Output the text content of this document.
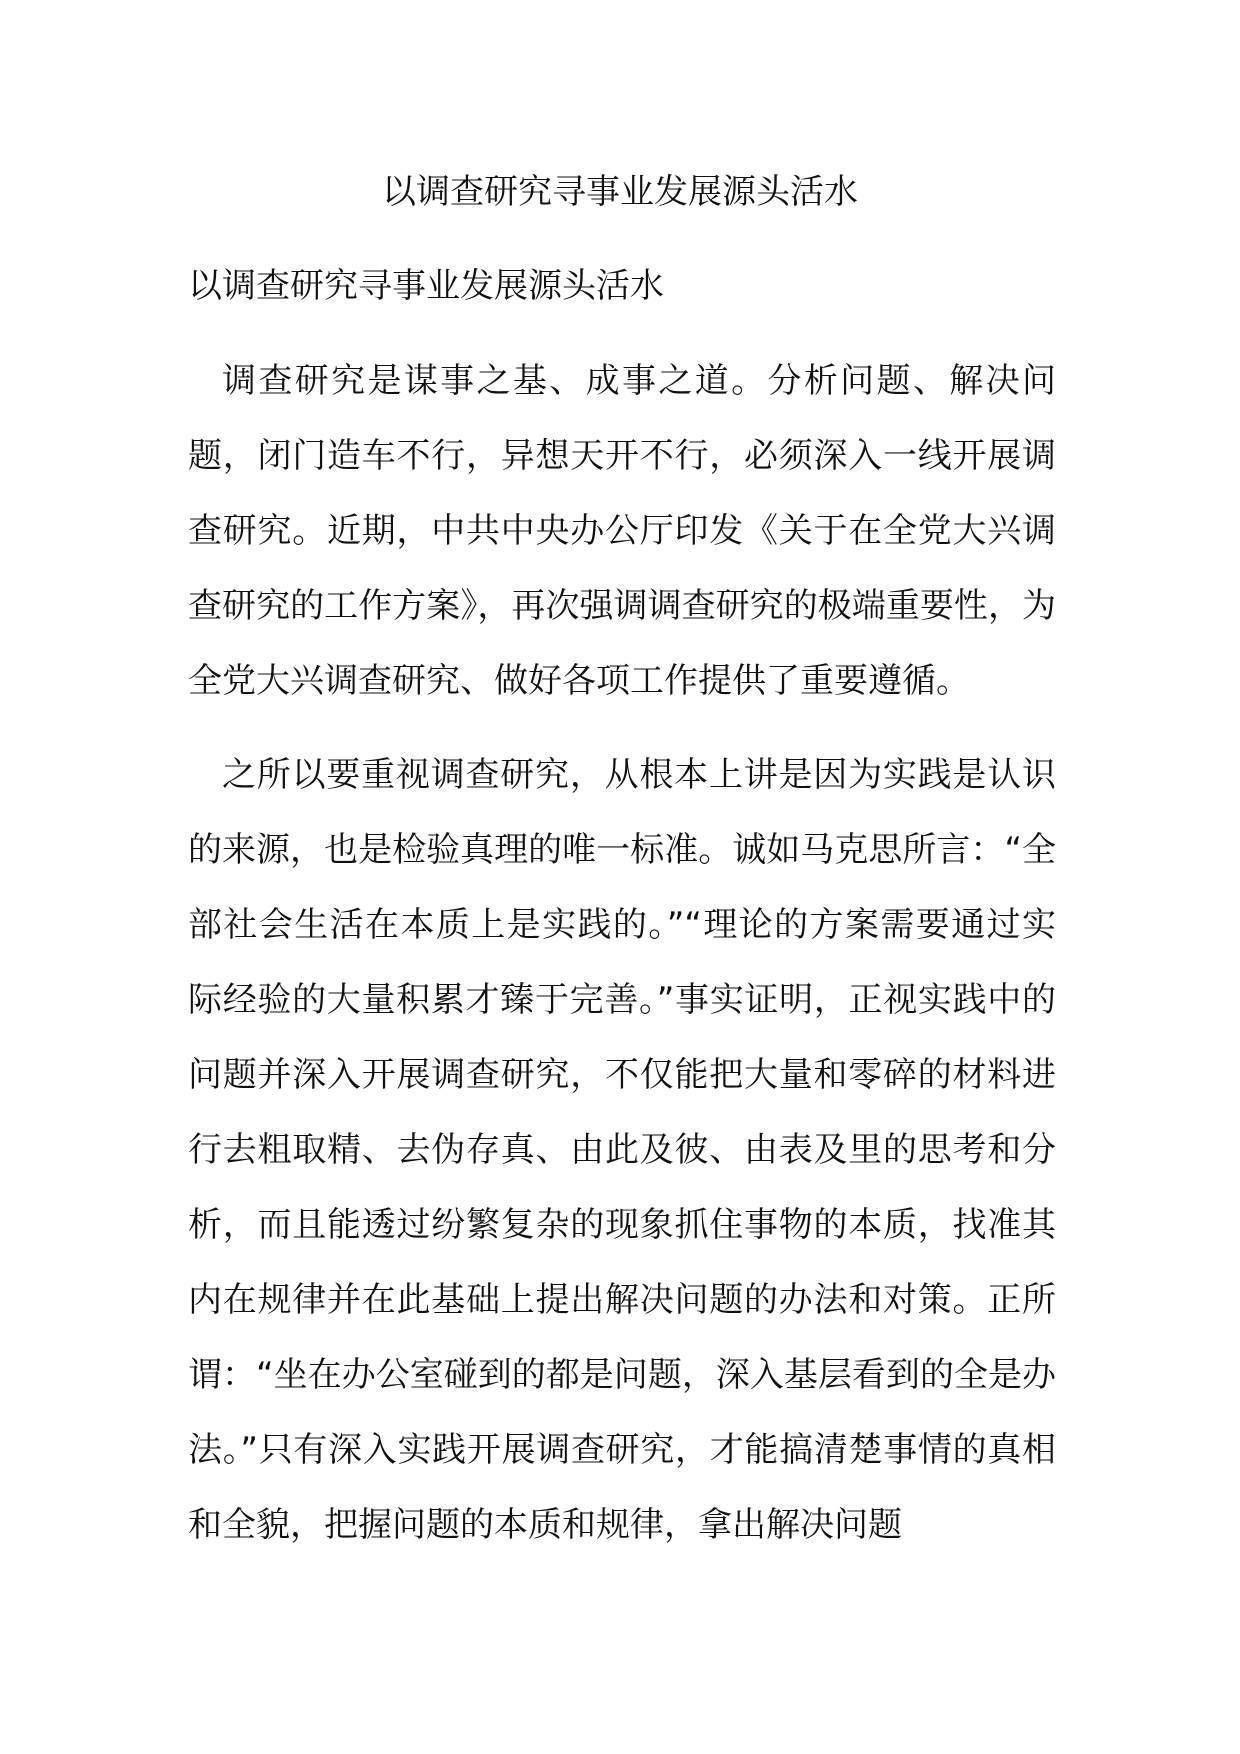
以调查研究寻事业发展源头活水
以调查研究寻事业发展源头活水

调查研究是谋事之基、成事之道。分析问题、解决问题，闭门造车不行，异想天开不行，必须深入一线开展调查研究。近期，中共中央办公厅印发《关于在全党大兴调查研究的工作方案》，再次强调调查研究的极端重要性，为全党大兴调查研究、做好各项工作提供了重要遵循。

之所以要重视调查研究，从根本上讲是因为实践是认识的来源，也是检验真理的唯一标准。诚如马克思所言：“全部社会生活在本质上是实践的。”“理论的方案需要通过实际经验的大量积累才臻于完善。”事实证明，正视实践中的问题并深入开展调查研究，不仅能把大量和零碎的材料进行去粗取精、去伪存真、由此及彼、由表及里的思考和分析，而且能透过纷繁复杂的现象抓住事物的本质，找准其内在规律并在此基础上提出解决问题的办法和对策。正所谓：“坐在办公室碰到的都是问题，深入基层看到的全是办法。”只有深入实践开展调查研究，才能搞清楚事情的真相和全貌，把握问题的本质和规律，拿出解决问题
